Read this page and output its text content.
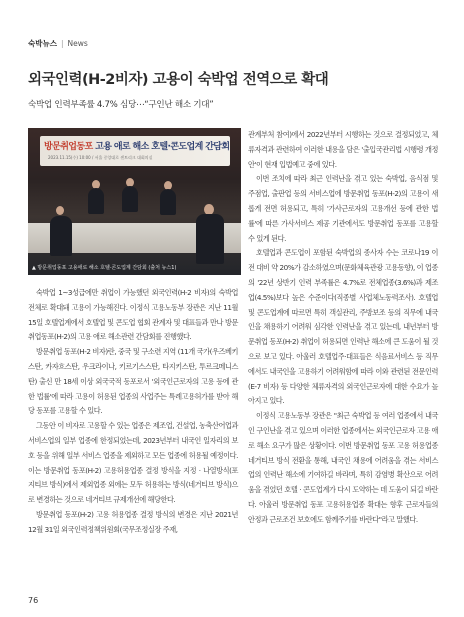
숙박뉴스 | News
외국인력(H-2비자) 고용이 숙박업 전역으로 확대
숙박업 인력부족률 4.7% 심당⋯“구인난 해소 기대”
방문취업동포 고용 애로 해소 호텔·콘도업계 간담회
2023.11.15(수) 10:00 / 서울 중앙대로 센트리크 대회의실
▲ 방문취업동포 고용애로 해소 호텔·콘도업계 간담회 (출처 뉴스1)

숙박업 1~3성급에만 취업이 가능했던 외국인력(H-2 비자)의 숙박업 전체로 확대돼 고용이 가능해진다. 이정식 고용노동부 장관은 지난 11월 15일 호텔업계에서 호텔업 및 콘도업 협회 관계자 및 대표들과 만나 방문취업동포(H-2)의 고용 애로 해소관련 간담회를 진행했다.

방문취업 동포(H-2 비자)란, 중국 및 구소련 지역 (11개 국가(우즈베키스탄, 카자흐스탄, 우크라이나, 키르기스스탄, 타지키스탄, 투르크메니스탄) 출신 만 18세 이상 외국국적 동포로서 '외국인근로자의 고용 등에 관한 법률'에 따라 고용이 허용된 업종의 사업주는 특례고용허가를 받아 해당 동포를 고용할 수 있다.

그동안 이 비자로 고용할 수 있는 업종은 제조업, 건설업, 농축산어업과 서비스업의 일부 업종에 한정되었는데, 2023년부터 내국인 일자리의 보호 등을 위해 일부 서비스 업종을 제외하고 모든 업종에 허용될 예정이다. 이는 방문취업 동포(H-2) 고용허용업종 결정 방식을 지정 · 나열방식(포지티브 방식)에서 제외업종 외에는 모두 허용하는 방식(네거티브 방식)으로 변경하는 것으로 네거티브 규제개선에 해당한다.

방문취업 동포(H-2) 고용 허용업종 결정 방식의 변경은 지난 2021년 12월 31일 외국인력정책위원회(국무조정실장 주재,

관계부처 참여)에서 2022년부터 시행하는 것으로 결정되었고, 체류자격과 관련하여 이러한 내용을 담은 '출입국관리법 시행령 개정안'이 현재 입법예고 중에 있다.

이번 조치에 따라 최근 인력난을 겪고 있는 숙박업, 음식점 및 주점업, 출판업 등의 서비스업에 방문취업 동포(H-2)의 고용이 새롭게 전면 허용되고, 특히 '가사근로자의 고용개선 등에 관한 법률'에 따른 가사서비스 제공 기관에서도 방문취업 동포를 고용할 수 있게 된다.

호텔업과 콘도업이 포함된 숙박업의 종사자 수는 코로나19 이전 대비 약 20%가 감소하였으며(문화체육관광 고용동향), 이 업종의 '22년 상반기 인력 부족률은 4.7%로 전체업종(3.6%)과 제조업(4.5%)보다 높은 수준이다(직종별 사업체노동력조사). 호텔업 및 콘도업계에 따르면 특히 객실관리, 주방보조 등의 직무에 내국인을 채용하기 어려워 심각한 인력난을 겪고 있는데, 내년부터 방문취업 동포(H-2) 취업이 허용되면 인력난 해소에 큰 도움이 될 것으로 보고 있다. 아울러 호텔업주·대표들은 식음료서비스 등 직무에서도 내국인을 고용하기 어려워함에 따라 이와 관련된 전문인력(E-7 비자) 등 다양한 체류자격의 외국인근로자에 대한 수요가 높아지고 있다.

이정식 고용노동부 장관은 "최근 숙박업 등 여러 업종에서 내국인 구인난을 겪고 있으며 이러한 업종에서는 외국인근로자 고용 애로 해소 요구가 많은 상황이다. 이번 방문취업 동포 고용 허용업종 네거티브 방식 전환을 통해, 내국인 채용에 어려움을 겪는 서비스업의 인력난 해소에 기여하길 바라며, 특히 감염병 확산으로 어려움을 겪었던 호텔 · 콘도업계가 다시 도약하는 데 도움이 되길 바란다. 아울러 방문취업 동포 고용허용업종 확대는 향후 근로자들의 안정과 근로조건 보호에도 함께주기를 바란다"라고 말했다.

76
